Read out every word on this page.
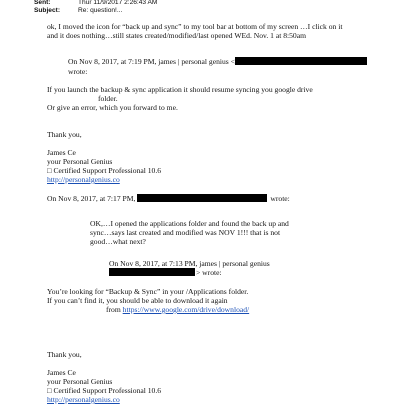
Sent:	Thur 11/9/2017 2:26:43 AM
Subject:	Re: question!...
ok, I moved the icon for “back up and sync” to my tool bar at bottom of my screen …I click on it
and it does nothing…still states created/modified/last opened WEd. Nov. 1 at 8:50am
On Nov 8, 2017, at 7:19 PM, james | personal genius <
wrote:
If you launch the backup & sync application it should resume syncing you google drive
folder.
Or give an error, which you forward to me.
Thank you,
James Ce
your Personal Genius
□ Certified Support Professional 10.6
http://personalgenius.co
On Nov 8, 2017, at 7:17 PM,	wrote:
OK,…I opened the applications folder and found the back up and
sync…says last created and modified was NOV 1!!! that is not
good…what next?
On Nov 8, 2017, at 7:13 PM, james | personal genius
> wrote:
You’re looking for “Backup & Sync” in your /Applications folder.
If you can’t find it, you should be able to download it again
from https://www.google.com/drive/download/
Thank you,
James Ce
your Personal Genius
□ Certified Support Professional 10.6
http://personalgenius.co
